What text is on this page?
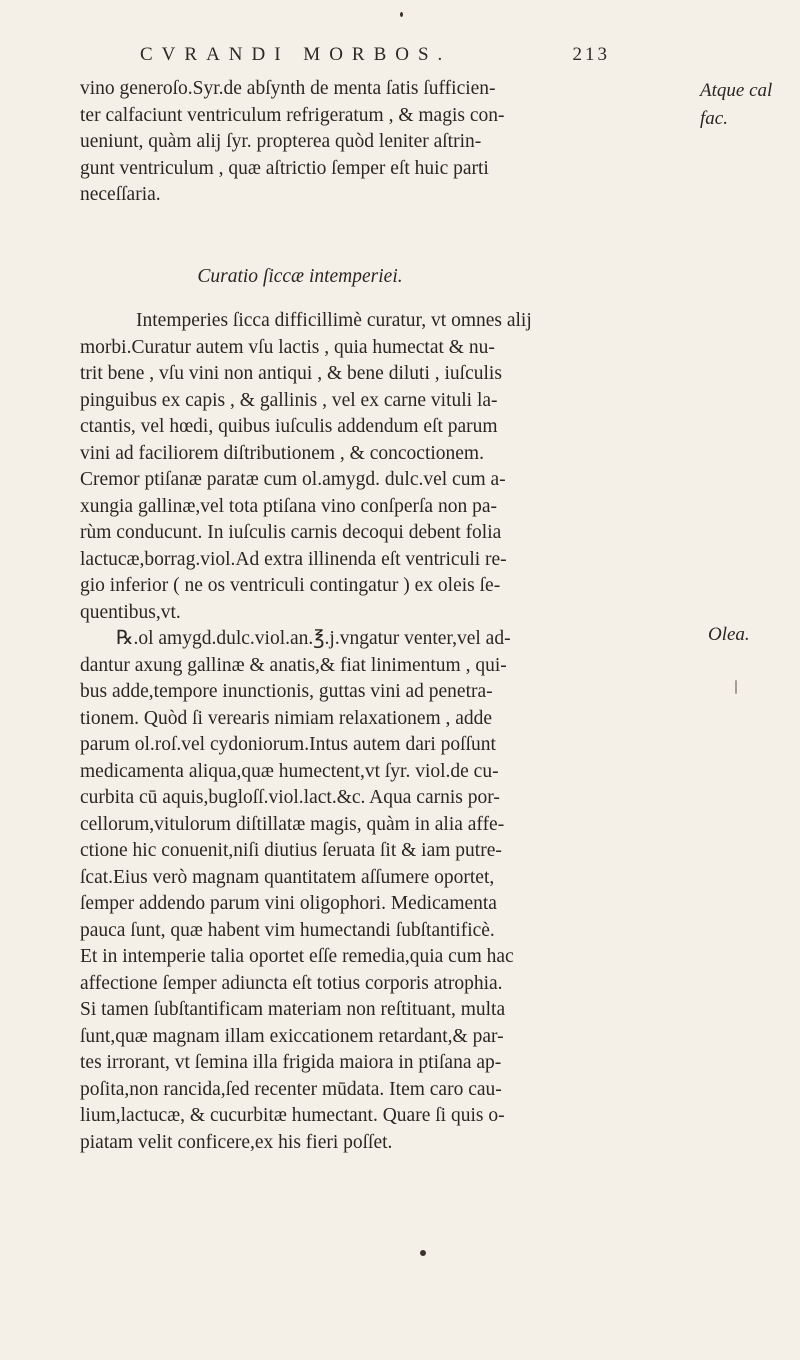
CVRANDI MORBOS.	213
vino generoſo.Syr.de abſynth de menta ſatis ſufficien-
ter calfaciunt ventriculum refrigeratum , & magis con-
ueniunt, quàm alij ſyr. propterea quòd leniter aſtrin-
gunt ventriculum , quæ aſtrictio ſemper eſt huic parti
neceſſaria.
Curatio ſiccæ intemperiei.
Intemperies ſicca difficillimè curatur, vt omnes alij
morbi.Curatur autem vſu lactis , quia humectat & nu-
trit bene , vſu vini non antiqui , & bene diluti , iuſculis
pinguibus ex capis , & gallinis , vel ex carne vituli la-
ctantis, vel hœdi, quibus iuſculis addendum eſt parum
vini ad faciliorem diſtributionem , & concoctionem.
Cremor ptiſanæ paratæ cum ol.amygd. dulc.vel cum a-
xungia gallinæ,vel tota ptiſana vino conſperſa non pa-
rùm conducunt. In iuſculis carnis decoqui debent folia
lactucæ,borrag.viol.Ad extra illinenda eſt ventriculi re-
gio inferior ( ne os ventriculi contingatur ) ex oleis ſe-
quentibus,vt.
℞.ol amygd.dulc.viol.an.℥.j.vngatur venter,vel ad-
dantur axung gallinæ & anatis,& fiat linimentum , qui-
bus adde,tempore inunctionis, guttas vini ad penetra-
tionem. Quòd ſi verearis nimiam relaxationem , adde
parum ol.roſ.vel cydoniorum.Intus autem dari poſſunt
medicamenta aliqua,quæ humectent,vt ſyr. viol.de cu-
curbita cū aquis,bugloſſ.viol.lact.&c. Aqua carnis por-
cellorum,vitulorum diſtillatæ magis, quàm in alia affe-
ctione hic conuenit,niſi diutius ſeruata ſit & iam putre-
ſcat.Eius verò magnam quantitatem aſſumere oportet,
ſemper addendo parum vini oligophori. Medicamenta
pauca ſunt, quæ habent vim humectandi ſubſtantificè.
Et in intemperie talia oportet eſſe remedia,quia cum hac
affectione ſemper adiuncta eſt totius corporis atrophia.
Si tamen ſubſtantificam materiam non reſtituant, multa
ſunt,quæ magnam illam exiccationem retardant,& par-
tes irrorant, vt ſemina illa frigida maiora in ptiſana ap-
poſita,non rancida,ſed recenter mūdata. Item caro cau-
lium,lactucæ, & cucurbitæ humectant. Quare ſi quis o-
piatam velit conficere,ex his fieri poſſet.
Atque cal
fac.
Olea.
